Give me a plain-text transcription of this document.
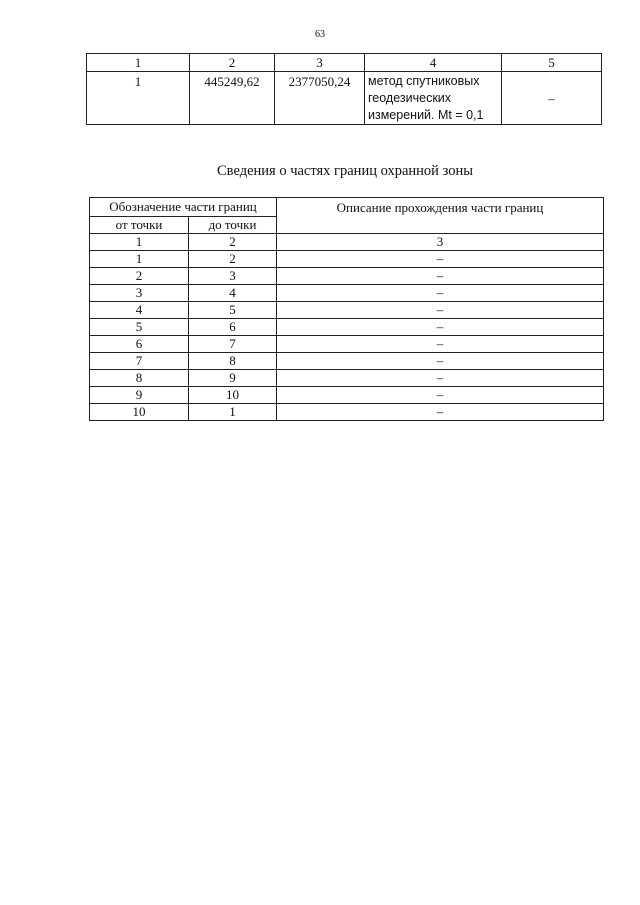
63
1	2	3	4	5
1	445249,62	2377050,24	метод спутниковых
геодезических
измерений. Mt = 0,1	–
Сведения о частях границ охранной зоны
Обозначение части границ		Описание прохождения части границ
от точки	до точки	
1	2	3
1	2	–
2	3	–
3	4	–
4	5	–
5	6	–
6	7	–
7	8	–
8	9	–
9	10	–
10	1	–
